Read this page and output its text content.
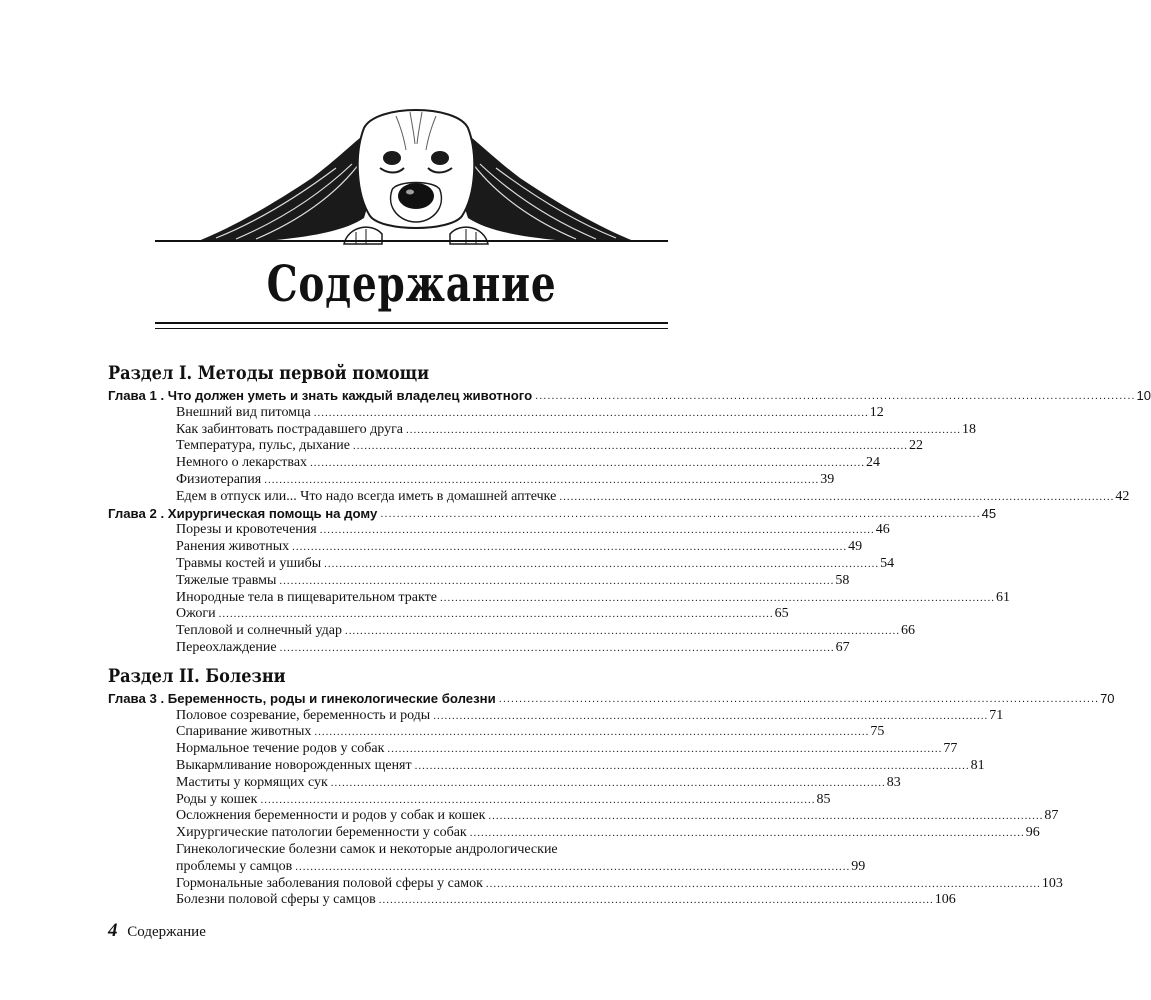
Содержание
Раздел I. Методы первой помощи
Глава 1 . Что должен уметь и знать каждый владелец животного .................................................................................................................................................... 10
Внешний вид питомца .................................................................................................................................................... 12
Как забинтовать пострадавшего друга .................................................................................................................................................... 18
Температура, пульс, дыхание .................................................................................................................................................... 22
Немного о лекарствах .................................................................................................................................................... 24
Физиотерапия .................................................................................................................................................... 39
Едем в отпуск или... Что надо всегда иметь в домашней аптечке .................................................................................................................................................... 42
Глава 2 . Хирургическая помощь на дому .................................................................................................................................................... 45
Порезы и кровотечения .................................................................................................................................................... 46
Ранения животных .................................................................................................................................................... 49
Травмы костей и ушибы .................................................................................................................................................... 54
Тяжелые травмы .................................................................................................................................................... 58
Инородные тела в пищеварительном тракте .................................................................................................................................................... 61
Ожоги .................................................................................................................................................... 65
Тепловой и солнечный удар .................................................................................................................................................... 66
Переохлаждение .................................................................................................................................................... 67
Раздел II. Болезни
Глава 3 . Беременность, роды и гинекологические болезни .................................................................................................................................................... 70
Половое созревание, беременность и роды .................................................................................................................................................... 71
Спаривание животных .................................................................................................................................................... 75
Нормальное течение родов у собак .................................................................................................................................................... 77
Выкармливание новорожденных щенят .................................................................................................................................................... 81
Маститы у кормящих сук .................................................................................................................................................... 83
Роды у кошек .................................................................................................................................................... 85
Осложнения беременности и родов у собак и кошек .................................................................................................................................................... 87
Хирургические патологии беременности у собак .................................................................................................................................................... 96
Гинекологические болезни самок и некоторые андрологические
проблемы у самцов .................................................................................................................................................... 99
Гормональные заболевания половой сферы у самок .................................................................................................................................................... 103
Болезни половой сферы у самцов .................................................................................................................................................... 106
4 Содержание
